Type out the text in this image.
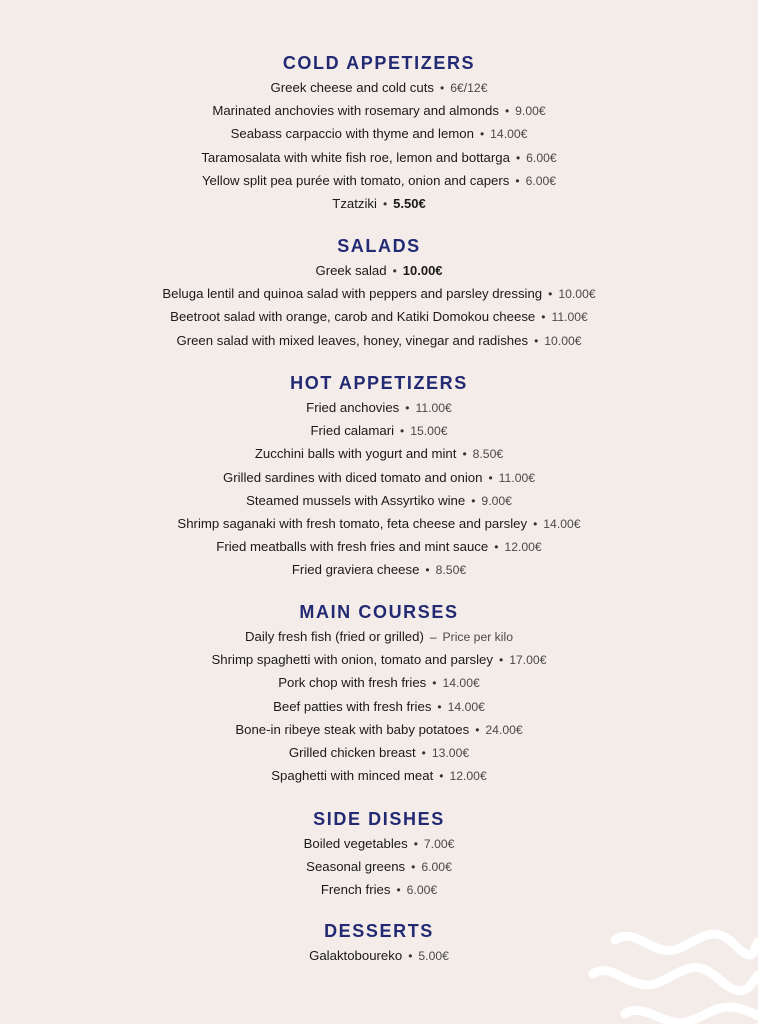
COLD APPETIZERS
Greek cheese and cold cuts • 6€/12€
Marinated anchovies with rosemary and almonds • 9.00€
Seabass carpaccio with thyme and lemon • 14.00€
Taramosalata with white fish roe, lemon and bottarga • 6.00€
Yellow split pea purée with tomato, onion and capers • 6.00€
Tzatziki • 5.50€
SALADS
Greek salad • 10.00€
Beluga lentil and quinoa salad with peppers and parsley dressing • 10.00€
Beetroot salad with orange, carob and Katiki Domokou cheese • 11.00€
Green salad with mixed leaves, honey, vinegar and radishes • 10.00€
HOT APPETIZERS
Fried anchovies • 11.00€
Fried calamari • 15.00€
Zucchini balls with yogurt and mint • 8.50€
Grilled sardines with diced tomato and onion • 11.00€
Steamed mussels with Assyrtiko wine • 9.00€
Shrimp saganaki with fresh tomato, feta cheese and parsley • 14.00€
Fried meatballs with fresh fries and mint sauce • 12.00€
Fried graviera cheese • 8.50€
MAIN COURSES
Daily fresh fish (fried or grilled) – Price per kilo
Shrimp spaghetti with onion, tomato and parsley • 17.00€
Pork chop with fresh fries • 14.00€
Beef patties with fresh fries • 14.00€
Bone-in ribeye steak with baby potatoes • 24.00€
Grilled chicken breast • 13.00€
Spaghetti with minced meat • 12.00€
SIDE DISHES
Boiled vegetables • 7.00€
Seasonal greens • 6.00€
French fries • 6.00€
DESSERTS
Galaktoboureko • 5.00€
